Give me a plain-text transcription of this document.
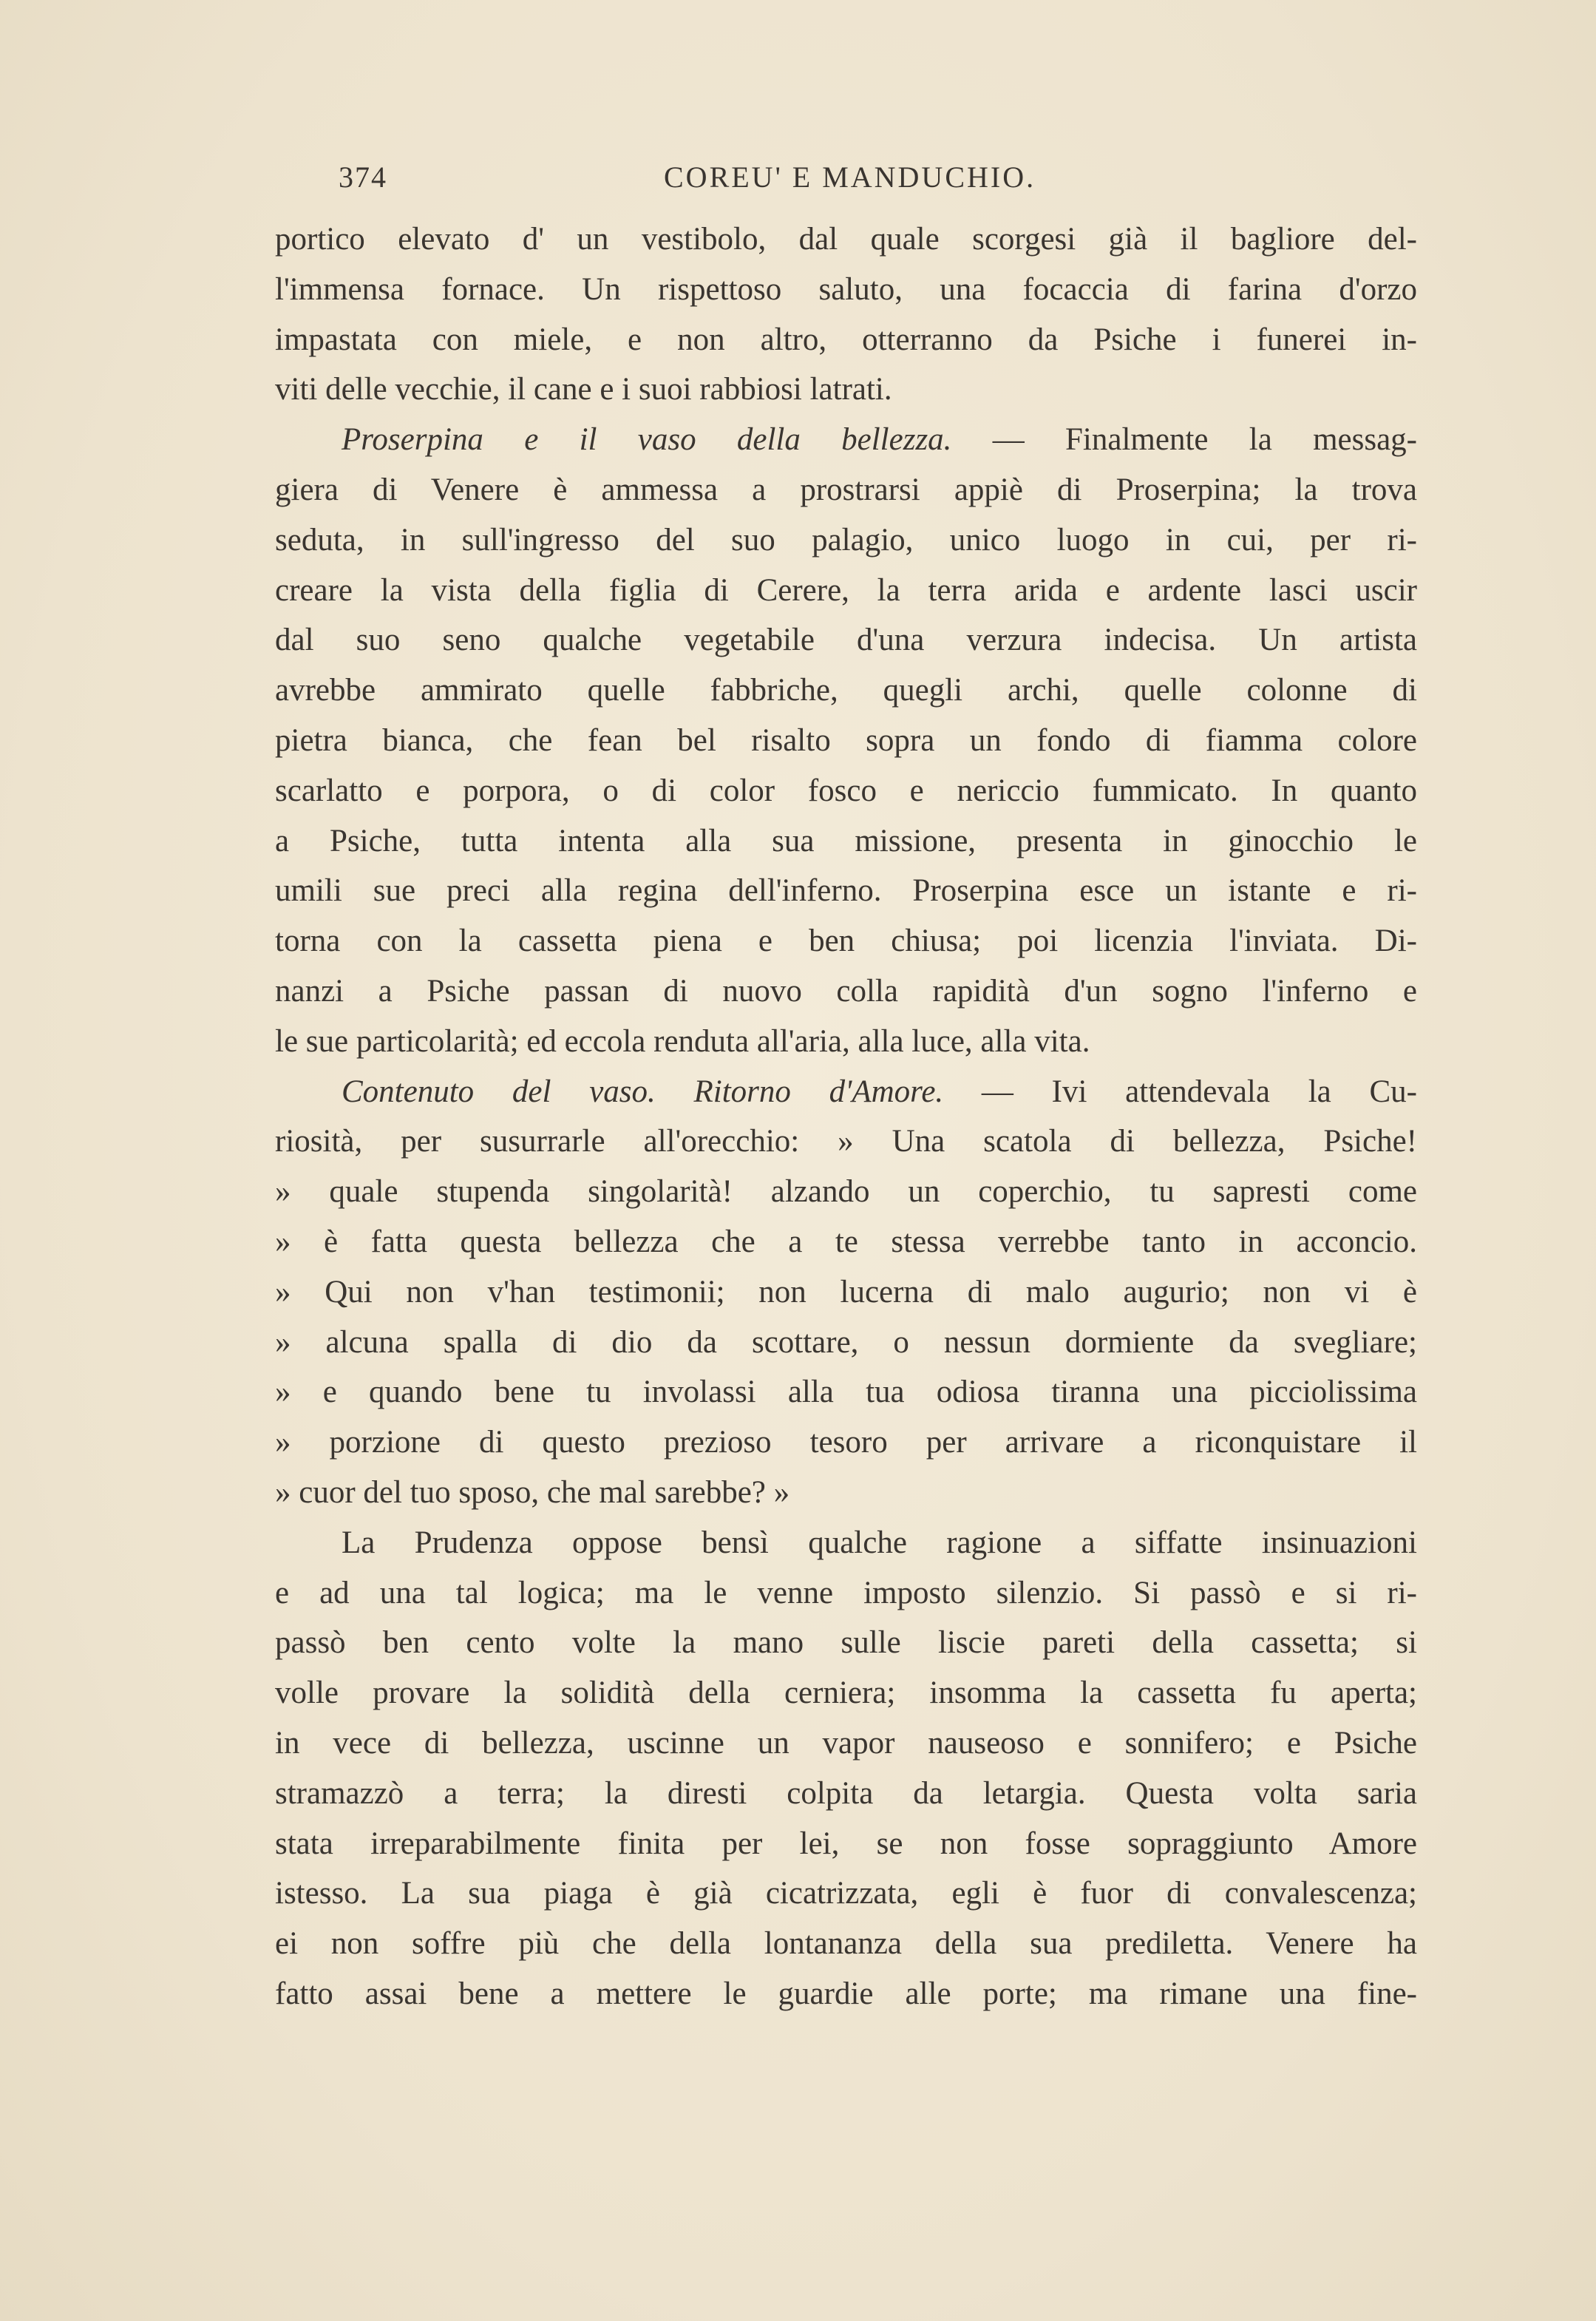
374	COREU' E MANDUCHIO.
portico elevato d' un vestibolo, dal quale scorgesi già il bagliore del-
l'immensa fornace. Un rispettoso saluto, una focaccia di farina d'orzo
impastata con miele, e non altro, otterranno da Psiche i funerei in-
viti delle vecchie, il cane e i suoi rabbiosi latrati.
Proserpina e il vaso della bellezza. — Finalmente la messag-
giera di Venere è ammessa a prostrarsi appiè di Proserpina; la trova
seduta, in sull'ingresso del suo palagio, unico luogo in cui, per ri-
creare la vista della figlia di Cerere, la terra arida e ardente lasci uscir
dal suo seno qualche vegetabile d'una verzura indecisa. Un artista
avrebbe ammirato quelle fabbriche, quegli archi, quelle colonne di
pietra bianca, che fean bel risalto sopra un fondo di fiamma colore
scarlatto e porpora, o di color fosco e nericcio fummicato. In quanto
a Psiche, tutta intenta alla sua missione, presenta in ginocchio le
umili sue preci alla regina dell'inferno. Proserpina esce un istante e ri-
torna con la cassetta piena e ben chiusa; poi licenzia l'inviata. Di-
nanzi a Psiche passan di nuovo colla rapidità d'un sogno l'inferno e
le sue particolarità; ed eccola renduta all'aria, alla luce, alla vita.
Contenuto del vaso. Ritorno d'Amore. — Ivi attendevala la Cu-
riosità, per susurrarle all'orecchio: » Una scatola di bellezza, Psiche!
» quale stupenda singolarità! alzando un coperchio, tu sapresti come
» è fatta questa bellezza che a te stessa verrebbe tanto in acconcio.
» Qui non v'han testimonii; non lucerna di malo augurio; non vi è
» alcuna spalla di dio da scottare, o nessun dormiente da svegliare;
» e quando bene tu involassi alla tua odiosa tiranna una picciolissima
» porzione di questo prezioso tesoro per arrivare a riconquistare il
» cuor del tuo sposo, che mal sarebbe? »
La Prudenza oppose bensì qualche ragione a siffatte insinuazioni
e ad una tal logica; ma le venne imposto silenzio. Si passò e si ri-
passò ben cento volte la mano sulle liscie pareti della cassetta; si
volle provare la solidità della cerniera; insomma la cassetta fu aperta;
in vece di bellezza, uscinne un vapor nauseoso e sonnifero; e Psiche
stramazzò a terra; la diresti colpita da letargia. Questa volta saria
stata irreparabilmente finita per lei, se non fosse sopraggiunto Amore
istesso. La sua piaga è già cicatrizzata, egli è fuor di convalescenza;
ei non soffre più che della lontananza della sua prediletta. Venere ha
fatto assai bene a mettere le guardie alle porte; ma rimane una fine-
